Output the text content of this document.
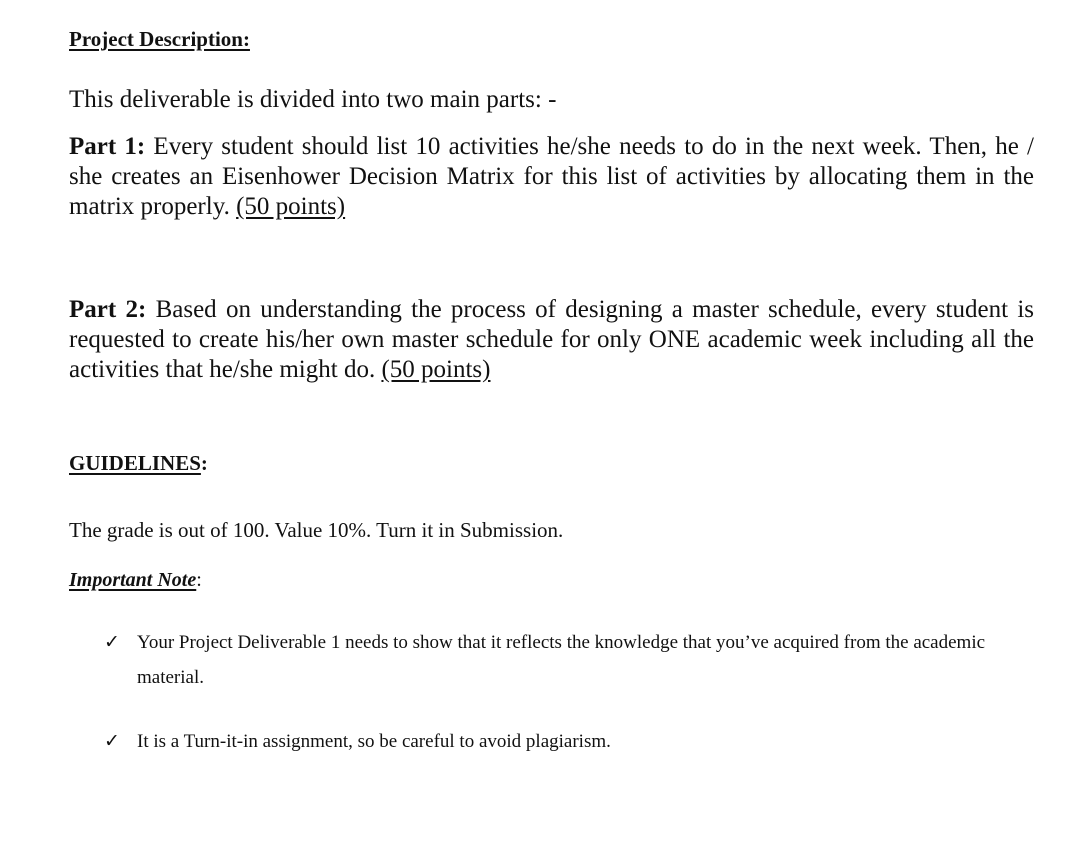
Project Description:
This deliverable is divided into two main parts: -
Part 1: Every student should list 10 activities he/she needs to do in the next week. Then, he / she creates an Eisenhower Decision Matrix for this list of activities by allocating them in the matrix properly. (50 points)
Part 2: Based on understanding the process of designing a master schedule, every student is requested to create his/her own master schedule for only ONE academic week including all the activities that he/she might do. (50 points)
GUIDELINES:
The grade is out of 100. Value 10%. Turn it in Submission.
Important Note:
✓ Your Project Deliverable 1 needs to show that it reflects the knowledge that you’ve acquired from the academic material.
✓ It is a Turn-it-in assignment, so be careful to avoid plagiarism.
